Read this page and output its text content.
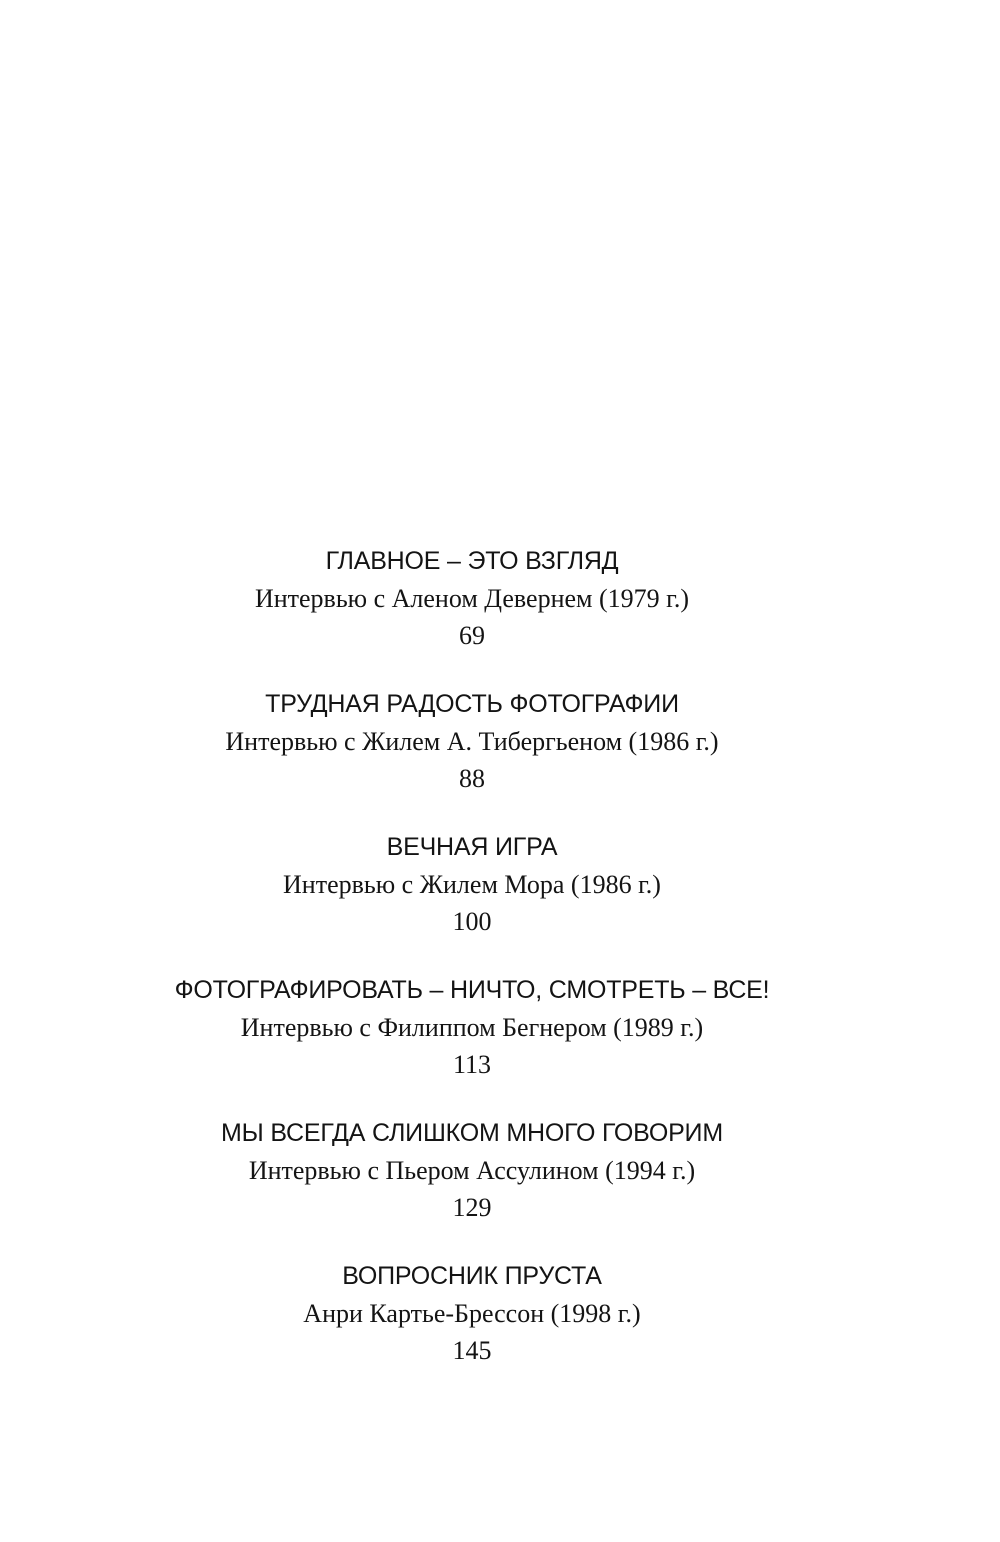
ГЛАВНОЕ – ЭТО ВЗГЛЯД
Интервью с Аленом Девернем (1979 г.)
69
ТРУДНАЯ РАДОСТЬ ФОТОГРАФИИ
Интервью с Жилем А. Тибергьеном (1986 г.)
88
ВЕЧНАЯ ИГРА
Интервью с Жилем Мора (1986 г.)
100
ФОТОГРАФИРОВАТЬ – НИЧТО, СМОТРЕТЬ – ВСЕ!
Интервью с Филиппом Бегнером (1989 г.)
113
МЫ ВСЕГДА СЛИШКОМ МНОГО ГОВОРИМ
Интервью с Пьером Ассулином (1994 г.)
129
ВОПРОСНИК ПРУСТА
Анри Картье-Брессон (1998 г.)
145
